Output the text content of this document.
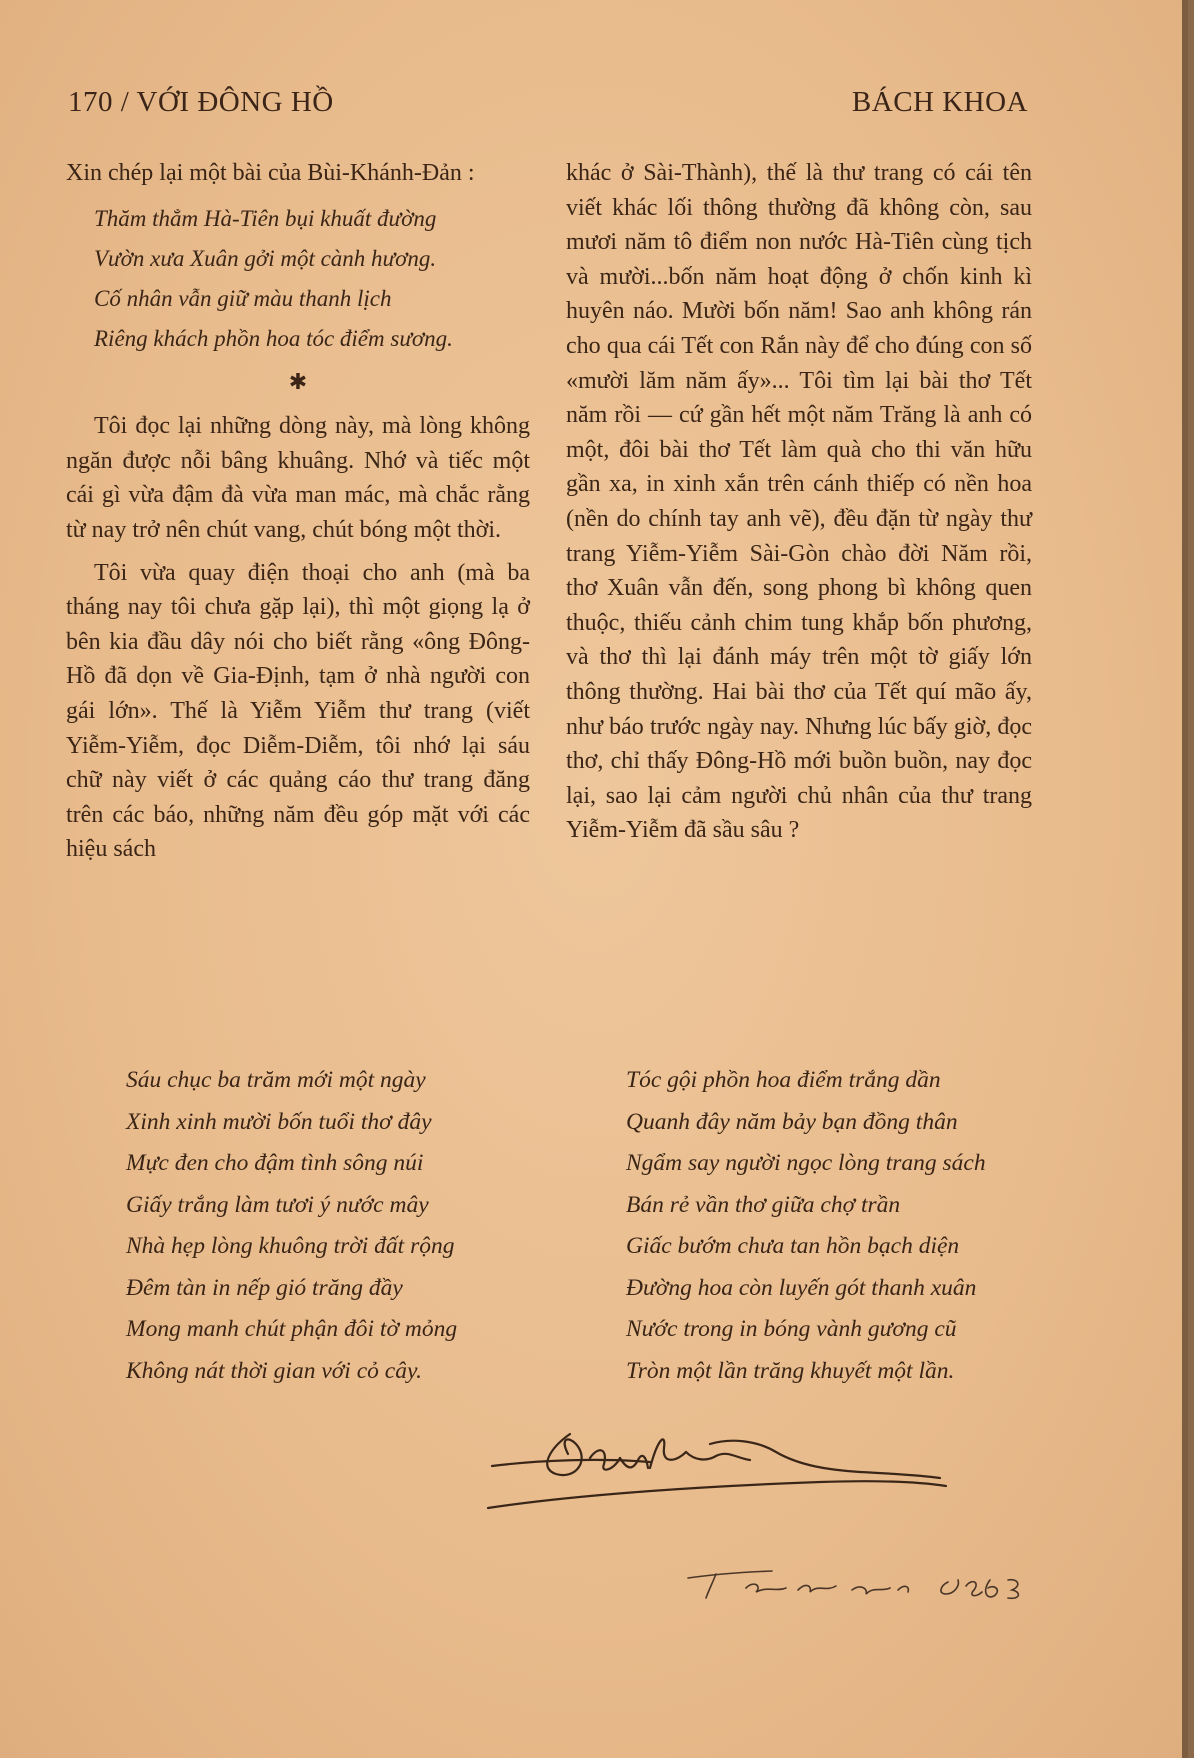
170 / VỚI ĐÔNG HỒ	BÁCH KHOA

Xin chép lại một bài của Bùi-Khánh-Đản :

Thăm thẳm Hà-Tiên bụi khuất đường
Vườn xưa Xuân gởi một cành hương.
Cố nhân vẫn giữ màu thanh lịch
Riêng khách phồn hoa tóc điểm sương.
✱

Tôi đọc lại những dòng này, mà lòng không ngăn được nỗi bâng khuâng. Nhớ và tiếc một cái gì vừa đậm đà vừa man mác, mà chắc rằng từ nay trở nên chút vang, chút bóng một thời.

Tôi vừa quay điện thoại cho anh (mà ba tháng nay tôi chưa gặp lại), thì một giọng lạ ở bên kia đầu dây nói cho biết rằng «ông Đông-Hồ đã dọn về Gia-Định, tạm ở nhà người con gái lớn». Thế là Yiễm Yiễm thư trang (viết Yiễm-Yiễm, đọc Diễm-Diễm, tôi nhớ lại sáu chữ này viết ở các quảng cáo thư trang đăng trên các báo, những năm đều góp mặt với các hiệu sách

khác ở Sài-Thành), thế là thư trang có cái tên viết khác lối thông thường đã không còn, sau mươi năm tô điểm non nước Hà-Tiên cùng tịch và mười...bốn năm hoạt động ở chốn kinh kì huyên náo. Mười bốn năm! Sao anh không rán cho qua cái Tết con Rắn này để cho đúng con số «mười lăm năm ấy»... Tôi tìm lại bài thơ Tết năm rồi — cứ gần hết một năm Trăng là anh có một, đôi bài thơ Tết làm quà cho thi văn hữu gần xa, in xinh xắn trên cánh thiếp có nền hoa (nền do chính tay anh vẽ), đều đặn từ ngày thư trang Yiễm-Yiễm Sài-Gòn chào đời Năm rồi, thơ Xuân vẫn đến, song phong bì không quen thuộc, thiếu cảnh chim tung khắp bốn phương, và thơ thì lại đánh máy trên một tờ giấy lớn thông thường. Hai bài thơ của Tết quí mão ấy, như báo trước ngày nay. Nhưng lúc bấy giờ, đọc thơ, chỉ thấy Đông-Hồ mới buồn buồn, nay đọc lại, sao lại cảm người chủ nhân của thư trang Yiễm-Yiễm đã sầu sâu ?

Sáu chục ba trăm mới một ngày
Xinh xinh mười bốn tuổi thơ đây
Mực đen cho đậm tình sông núi
Giấy trắng làm tươi ý nước mây
Nhà hẹp lòng khuông trời đất rộng
Đêm tàn in nếp gió trăng đầy
Mong manh chút phận đôi tờ mỏng
Không nát thời gian với cỏ cây.
Tóc gội phồn hoa điểm trắng dần
Quanh đây năm bảy bạn đồng thân
Ngẩm say người ngọc lòng trang sách
Bán rẻ vần thơ giữa chợ trần
Giấc bướm chưa tan hồn bạch diện
Đường hoa còn luyến gót thanh xuân
Nước trong in bóng vành gương cũ
Tròn một lần trăng khuyết một lần.
